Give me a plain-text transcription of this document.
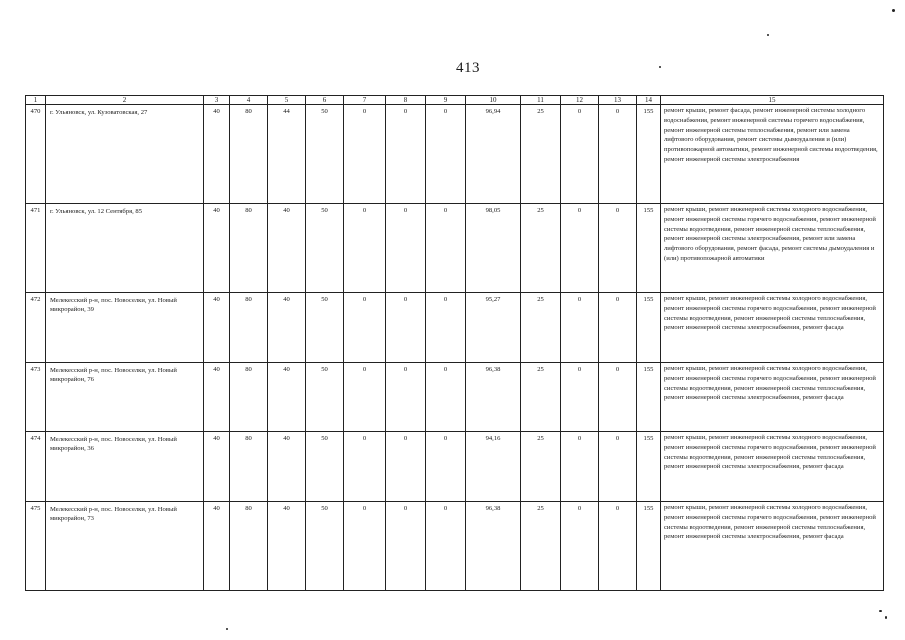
413
1	2	3	4	5	6	7	8	9	10	11	12	13	14	15
470	г. Ульяновск, ул. Кузоватовская, 27	40	80	44	50	0	0	0	96,94	25	0	0	155	ремонт крыши, ремонт фасада, ремонт инженерной системы холодного водоснабжения, ремонт инженерной системы горячего водоснабжения, ремонт инженерной системы теплоснабжения, ремонт или замена лифтового оборудования, ремонт системы дымоудаления и (или) противопожарной автоматики, ремонт инженерной системы водоотведения, ремонт инженерной системы электроснабжения
471	г. Ульяновск, ул. 12 Сентября, 85	40	80	40	50	0	0	0	98,05	25	0	0	155	ремонт крыши, ремонт инженерной системы холодного водоснабжения, ремонт инженерной системы горячего водоснабжения, ремонт инженерной системы водоотведения, ремонт инженерной системы теплоснабжения, ремонт инженерной системы электроснабжения, ремонт или замена лифтового оборудования, ремонт фасада, ремонт системы дымоудаления и (или) противопожарной автоматики
472	Мелекесский р-н, пос. Новоселки, ул. Новый микрорайон, 39	40	80	40	50	0	0	0	95,27	25	0	0	155	ремонт крыши, ремонт инженерной системы холодного водоснабжения, ремонт инженерной системы горячего водоснабжения, ремонт инженерной системы водоотведения, ремонт инженерной системы теплоснабжения, ремонт инженерной системы электроснабжения, ремонт фасада
473	Мелекесский р-н, пос. Новоселки, ул. Новый микрорайон, 76	40	80	40	50	0	0	0	96,38	25	0	0	155	ремонт крыши, ремонт инженерной системы холодного водоснабжения, ремонт инженерной системы горячего водоснабжения, ремонт инженерной системы водоотведения, ремонт инженерной системы теплоснабжения, ремонт инженерной системы электроснабжения, ремонт фасада
474	Мелекесский р-н, пос. Новоселки, ул. Новый микрорайон, 36	40	80	40	50	0	0	0	94,16	25	0	0	155	ремонт крыши, ремонт инженерной системы холодного водоснабжения, ремонт инженерной системы горячего водоснабжения, ремонт инженерной системы водоотведения, ремонт инженерной системы теплоснабжения, ремонт инженерной системы электроснабжения, ремонт фасада
475	Мелекесский р-н, пос. Новоселки, ул. Новый микрорайон, 73	40	80	40	50	0	0	0	96,38	25	0	0	155	ремонт крыши, ремонт инженерной системы холодного водоснабжения, ремонт инженерной системы горячего водоснабжения, ремонт инженерной системы водоотведения, ремонт инженерной системы теплоснабжения, ремонт инженерной системы электроснабжения, ремонт фасада
